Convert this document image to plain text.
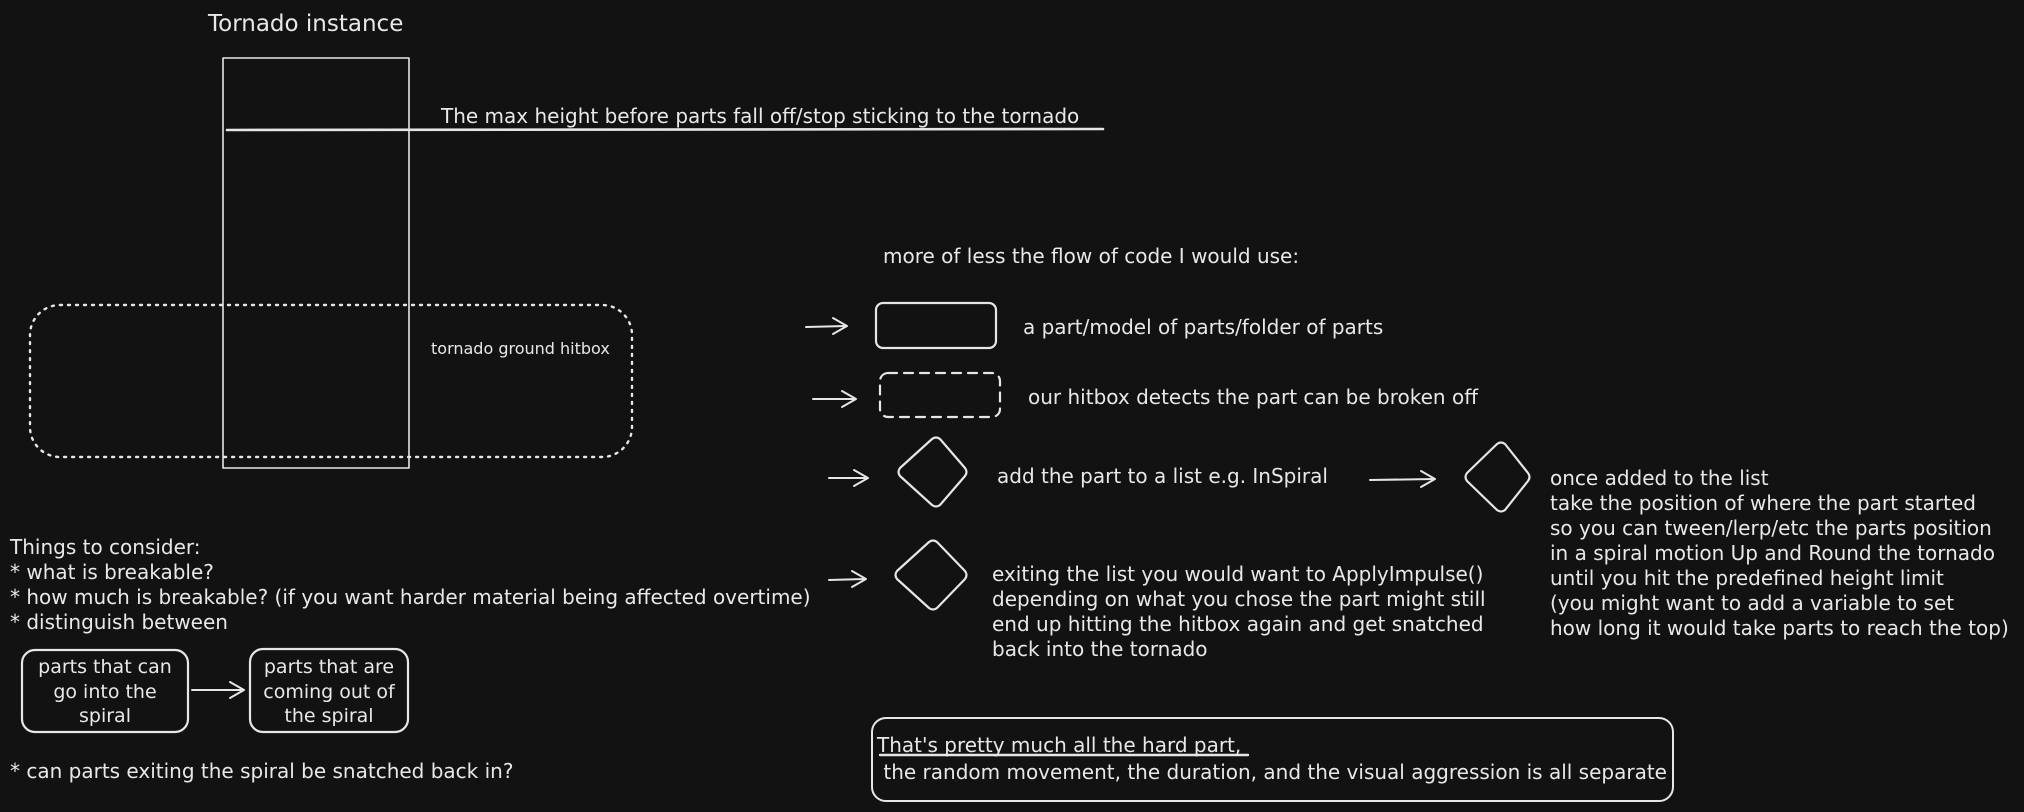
Tornado instance
The max height before parts fall off/stop sticking to the tornado
tornado ground hitbox
more of less the flow of code I would use:
a part/model of parts/folder of parts
our hitbox detects the part can be broken off
add the part to a list e.g. InSpiral	once added to the list
take the position of where the part started
so you can tween/lerp/etc the parts position
in a spiral motion Up and Round the tornado
until you hit the predefined height limit
(you might want to add a variable to set
how long it would take parts to reach the top)
exiting the list you would want to ApplyImpulse()
depending on what you chose the part might still
end up hitting the hitbox again and get snatched
back into the tornado
Things to consider:
* what is breakable?
* how much is breakable? (if you want harder material being affected overtime)
* distinguish between
parts that can
go into the
spiral
parts that are
coming out of
the spiral
* can parts exiting the spiral be snatched back in?
That's pretty much all the hard part,
the random movement, the duration, and the visual aggression is all separate
